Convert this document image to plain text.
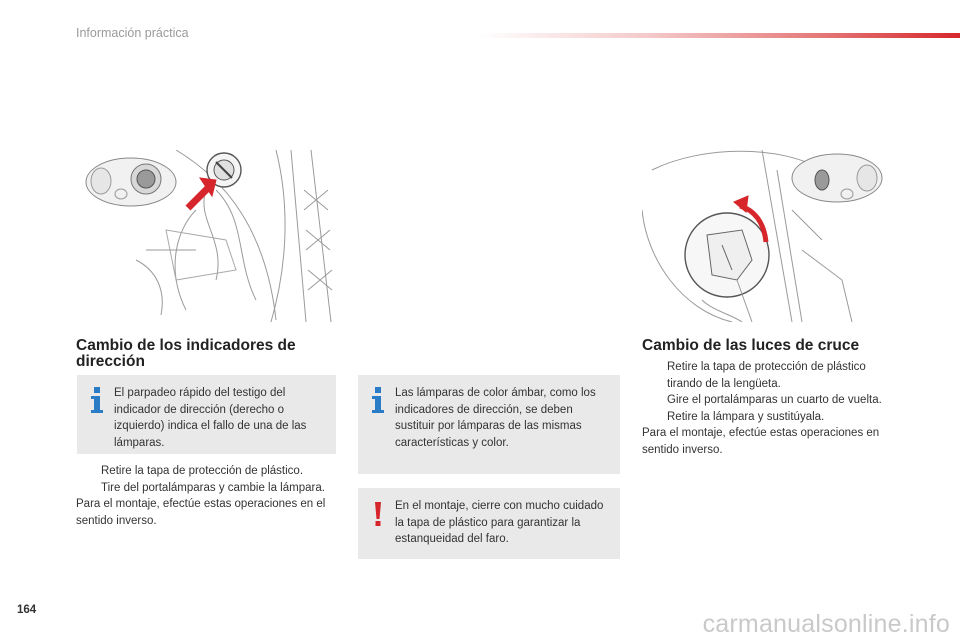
Información práctica
Cambio de los indicadores de dirección
El parpadeo rápido del testigo del indicador de dirección (derecho o izquierdo) indica el fallo de una de las lámparas.
Retire la tapa de protección de plástico.
Tire del portalámparas y cambie la lámpara.
Para el montaje, efectúe estas operaciones en el sentido inverso.
Las lámparas de color ámbar, como los indicadores de dirección, se deben sustituir por lámparas de las mismas características y color.
En el montaje, cierre con mucho cuidado la tapa de plástico para garantizar la estanqueidad del faro.
Cambio de las luces de cruce
Retire la tapa de protección de plástico tirando de la lengüeta.
Gire el portalámparas un cuarto de vuelta.
Retire la lámpara y sustitúyala.
Para el montaje, efectúe estas operaciones en sentido inverso.
164	carmanualsonline.info
